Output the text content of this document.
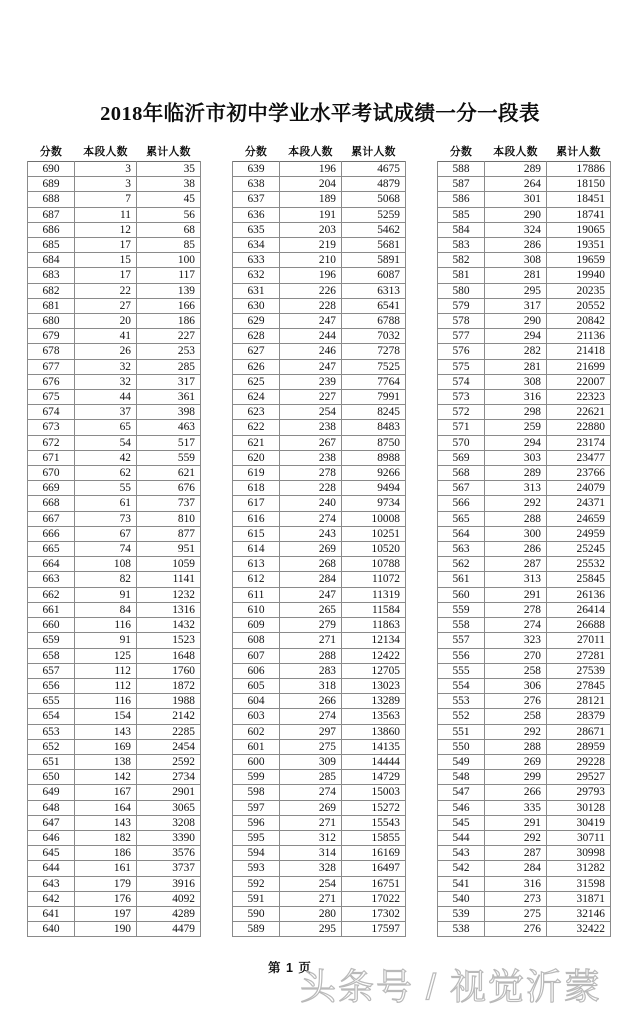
2018年临沂市初中学业水平考试成绩一分一段表
分数	本段人数	累计人数
690	3	35
689	3	38
688	7	45
687	11	56
686	12	68
685	17	85
684	15	100
683	17	117
682	22	139
681	27	166
680	20	186
679	41	227
678	26	253
677	32	285
676	32	317
675	44	361
674	37	398
673	65	463
672	54	517
671	42	559
670	62	621
669	55	676
668	61	737
667	73	810
666	67	877
665	74	951
664	108	1059
663	82	1141
662	91	1232
661	84	1316
660	116	1432
659	91	1523
658	125	1648
657	112	1760
656	112	1872
655	116	1988
654	154	2142
653	143	2285
652	169	2454
651	138	2592
650	142	2734
649	167	2901
648	164	3065
647	143	3208
646	182	3390
645	186	3576
644	161	3737
643	179	3916
642	176	4092
641	197	4289
640	190	4479
分数	本段人数	累计人数
639	196	4675
638	204	4879
637	189	5068
636	191	5259
635	203	5462
634	219	5681
633	210	5891
632	196	6087
631	226	6313
630	228	6541
629	247	6788
628	244	7032
627	246	7278
626	247	7525
625	239	7764
624	227	7991
623	254	8245
622	238	8483
621	267	8750
620	238	8988
619	278	9266
618	228	9494
617	240	9734
616	274	10008
615	243	10251
614	269	10520
613	268	10788
612	284	11072
611	247	11319
610	265	11584
609	279	11863
608	271	12134
607	288	12422
606	283	12705
605	318	13023
604	266	13289
603	274	13563
602	297	13860
601	275	14135
600	309	14444
599	285	14729
598	274	15003
597	269	15272
596	271	15543
595	312	15855
594	314	16169
593	328	16497
592	254	16751
591	271	17022
590	280	17302
589	295	17597
分数	本段人数	累计人数
588	289	17886
587	264	18150
586	301	18451
585	290	18741
584	324	19065
583	286	19351
582	308	19659
581	281	19940
580	295	20235
579	317	20552
578	290	20842
577	294	21136
576	282	21418
575	281	21699
574	308	22007
573	316	22323
572	298	22621
571	259	22880
570	294	23174
569	303	23477
568	289	23766
567	313	24079
566	292	24371
565	288	24659
564	300	24959
563	286	25245
562	287	25532
561	313	25845
560	291	26136
559	278	26414
558	274	26688
557	323	27011
556	270	27281
555	258	27539
554	306	27845
553	276	28121
552	258	28379
551	292	28671
550	288	28959
549	269	29228
548	299	29527
547	266	29793
546	335	30128
545	291	30419
544	292	30711
543	287	30998
542	284	31282
541	316	31598
540	273	31871
539	275	32146
538	276	32422
第 1 页
头条号 / 视觉沂蒙
